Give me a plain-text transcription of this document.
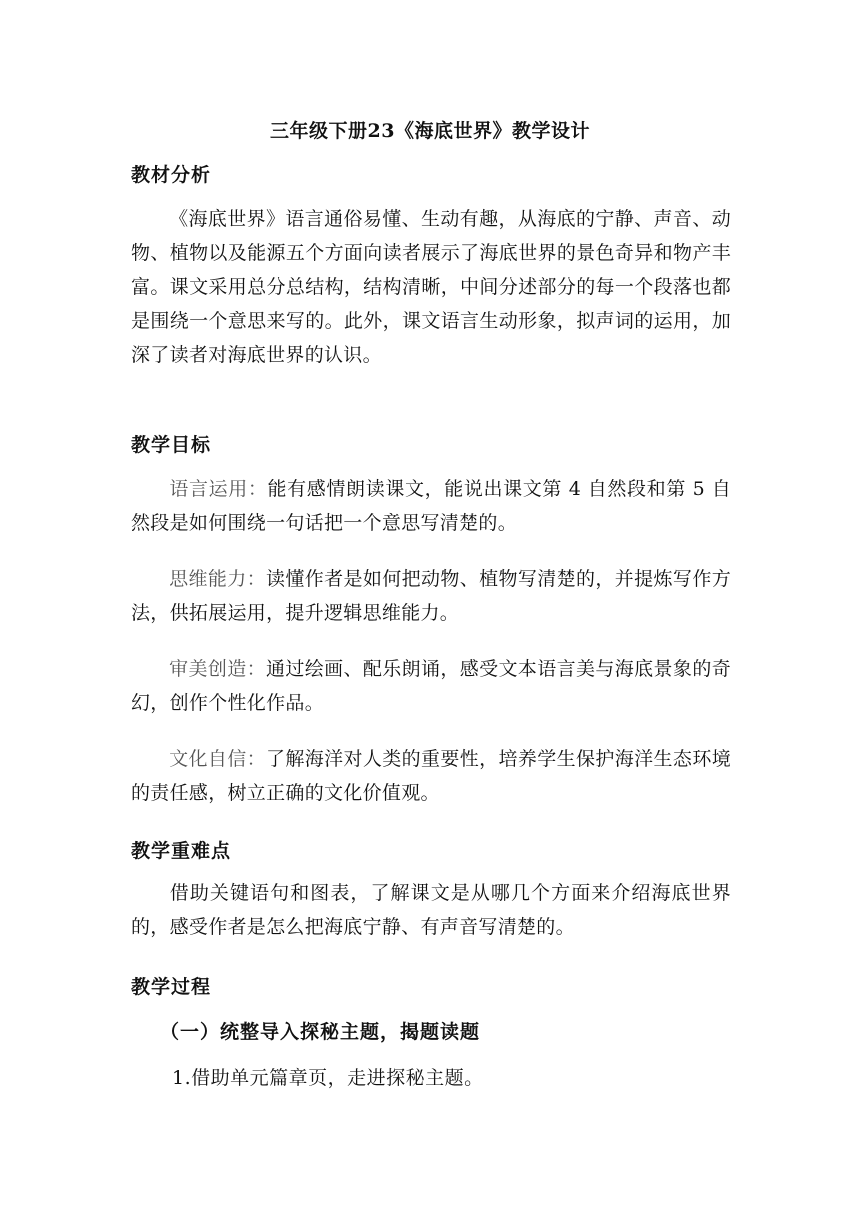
三年级下册23《海底世界》教学设计
教材分析
《海底世界》语言通俗易懂、生动有趣，从海底的宁静、声音、动物、植物以及能源五个方面向读者展示了海底世界的景色奇异和物产丰富。课文采用总分总结构，结构清晰，中间分述部分的每一个段落也都是围绕一个意思来写的。此外，课文语言生动形象，拟声词的运用，加深了读者对海底世界的认识。
教学目标
语言运用：能有感情朗读课文，能说出课文第 4 自然段和第 5 自然段是如何围绕一句话把一个意思写清楚的。
思维能力：读懂作者是如何把动物、植物写清楚的，并提炼写作方法，供拓展运用，提升逻辑思维能力。
审美创造：通过绘画、配乐朗诵，感受文本语言美与海底景象的奇幻，创作个性化作品。
文化自信：了解海洋对人类的重要性，培养学生保护海洋生态环境的责任感，树立正确的文化价值观。
教学重难点
借助关键语句和图表，了解课文是从哪几个方面来介绍海底世界的，感受作者是怎么把海底宁静、有声音写清楚的。
教学过程
（一）统整导入探秘主题，揭题读题
1.借助单元篇章页，走进探秘主题。
